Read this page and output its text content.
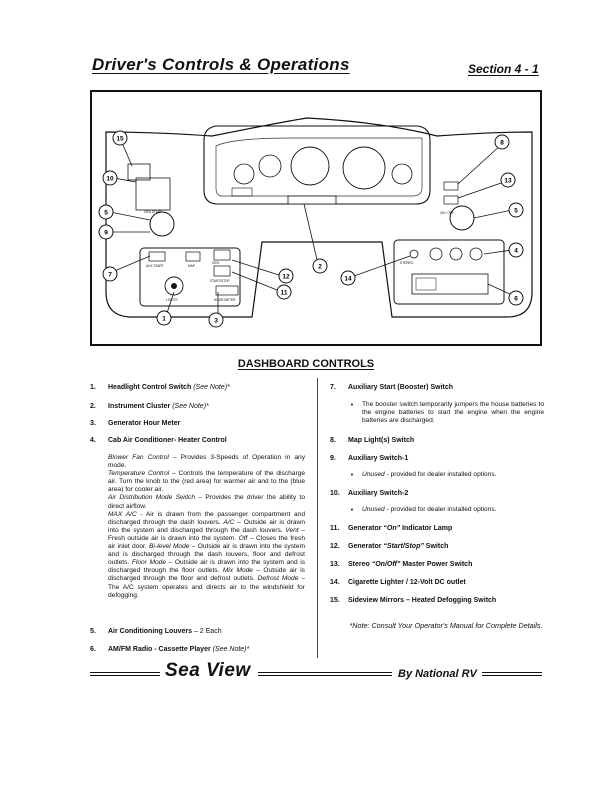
Driver's Controls & Operations	Section 4 - 1
15
10
5
9
7
1	3
2
12
11
14
8
13
5
4
6
AUX START	MAP
GEN
START/STOP
HOUR METER
LIGHTS
STEREO
ON / OFF
GEN START
DASHBOARD CONTROLS
1. Headlight Control Switch (See Note)*
2. Instrument Cluster (See Note)*
3. Generator Hour Meter
4. Cab Air Conditioner- Heater Control
Blower Fan Control – Provides 3-Speeds of Operation in any mode.
Temperature Control – Controls the temperature of the discharge air. Turn the knob to the (red area) for warmer air and to the (blue area) for cooler air.
Air Distribution Mode Switch – Provides the driver the ability to direct airflow.
MAX A/C - Air is drawn from the passenger compartment and discharged through the dash louvers. A/C – Outside air is drawn into the system and discharged through the dash louvers. Vent – Fresh outside air is drawn into the system. Off – Closes the fresh air inlet door. Bi-level Mode – Outside air is drawn into the system and is discharged through the dash louvers, floor and defrost outlets. Floor Mode – Outside air is drawn into the system and is discharged through the floor outlets. Mix Mode – Outside air is discharged through the floor and defrost outlets. Defrost Mode – The A/C system operates and directs air to the windshield for defogging.
5. Air Conditioning Louvers – 2 Each
6. AM/FM Radio - Cassette Player (See Note)*
7. Auxiliary Start (Booster) Switch
•	The booster switch temporarily jumpers the house batteries to the engine batteries to start the engine when the engine batteries are discharged.
8. Map Light(s) Switch
9. Auxiliary Switch-1
•	Unused - provided for dealer installed options.
10. Auxiliary Switch-2
•	Unused - provided for dealer installed options.
11. Generator “On” Indicator Lamp
12. Generator “Start/Stop” Switch
13. Stereo “On/Off” Master Power Switch
14. Cigarette Lighter / 12-Volt DC outlet
15. Sideview Mirrors – Heated Defogging Switch
*Note: Consult Your Operator's Manual for Complete Details.
Sea View	By National RV
